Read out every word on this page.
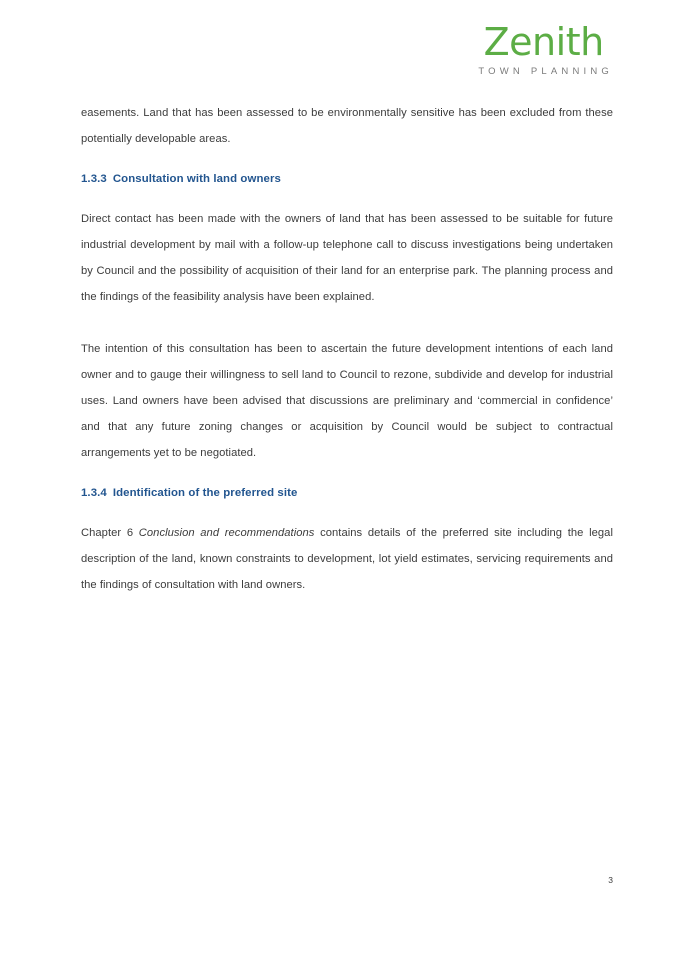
Zenith
TOWN PLANNING

easements. Land that has been assessed to be environmentally sensitive has been excluded from these potentially developable areas.

1.3.3 Consultation with land owners

Direct contact has been made with the owners of land that has been assessed to be suitable for future industrial development by mail with a follow-up telephone call to discuss investigations being undertaken by Council and the possibility of acquisition of their land for an enterprise park. The planning process and the findings of the feasibility analysis have been explained.

The intention of this consultation has been to ascertain the future development intentions of each land owner and to gauge their willingness to sell land to Council to rezone, subdivide and develop for industrial uses. Land owners have been advised that discussions are preliminary and ‘commercial in confidence’ and that any future zoning changes or acquisition by Council would be subject to contractual arrangements yet to be negotiated.

1.3.4 Identification of the preferred site

Chapter 6 Conclusion and recommendations contains details of the preferred site including the legal description of the land, known constraints to development, lot yield estimates, servicing requirements and the findings of consultation with land owners.

3
